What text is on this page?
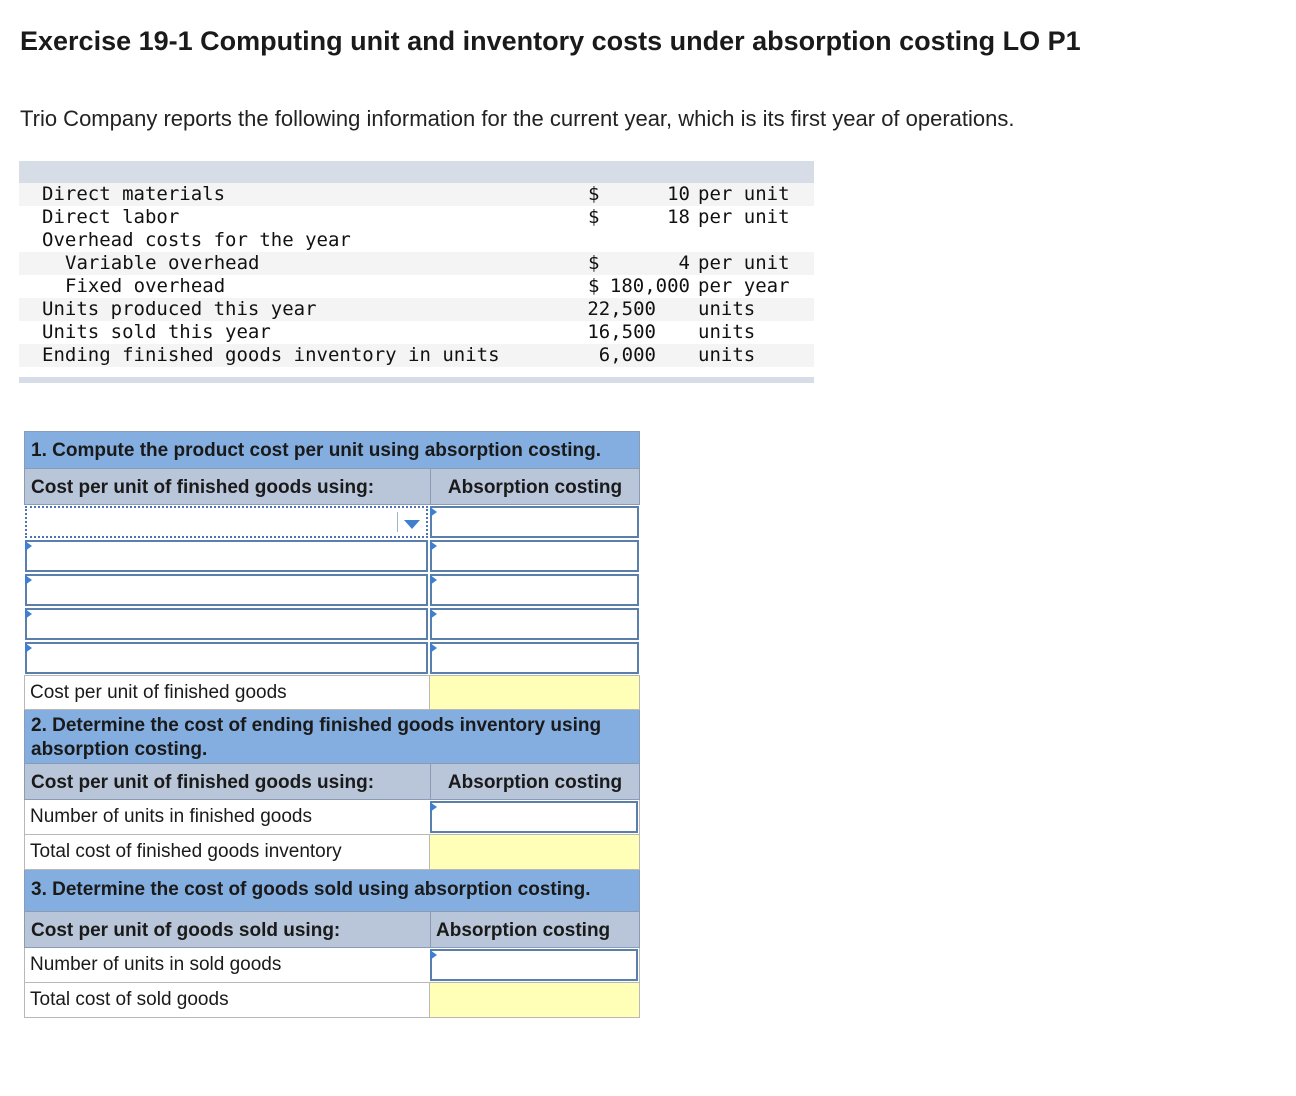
Exercise 19-1 Computing unit and inventory costs under absorption costing LO P1

Trio Company reports the following information for the current year, which is its first year of operations.

Direct materials	$	10 per unit
Direct labor	$	18 per unit
Overhead costs for the year
Variable overhead	$	4 per unit
Fixed overhead	$ 180,000 per year
Units produced this year	22,500 units
Units sold this year	16,500 units
Ending finished goods inventory in units	6,000 units
1. Compute the product cost per unit using absorption costing.
Cost per unit of finished goods using:	Absorption costing
Cost per unit of finished goods
2. Determine the cost of ending finished goods inventory using absorption costing.
Cost per unit of finished goods using:	Absorption costing
Number of units in finished goods
Total cost of finished goods inventory
3. Determine the cost of goods sold using absorption costing.
Cost per unit of goods sold using:	Absorption costing
Number of units in sold goods
Total cost of sold goods
